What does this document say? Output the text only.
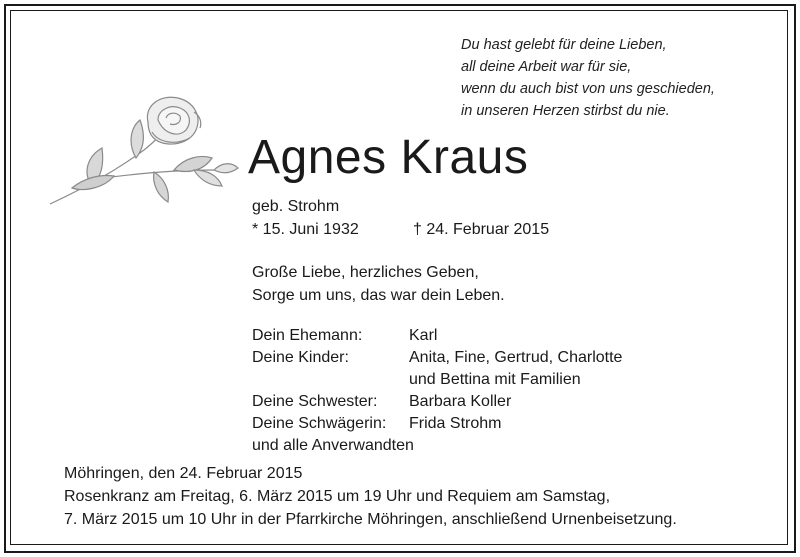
Du hast gelebt für deine Lieben,
all deine Arbeit war für sie,
wenn du auch bist von uns geschieden,
in unseren Herzen stirbst du nie.
Agnes Kraus
geb. Strohm
* 15. Juni 1932	† 24. Februar 2015
Große Liebe, herzliches Geben,
Sorge um uns, das war dein Leben.
Dein Ehemann:	Karl
Deine Kinder:	Anita, Fine, Gertrud, Charlotte
und Bettina mit Familien
Deine Schwester: Barbara Koller
Deine Schwägerin: Frida Strohm
und alle Anverwandten
Möhringen, den 24. Februar 2015
Rosenkranz am Freitag, 6. März 2015 um 19 Uhr und Requiem am Samstag,
7. März 2015 um 10 Uhr in der Pfarrkirche Möhringen, anschließend Urnenbeisetzung.
